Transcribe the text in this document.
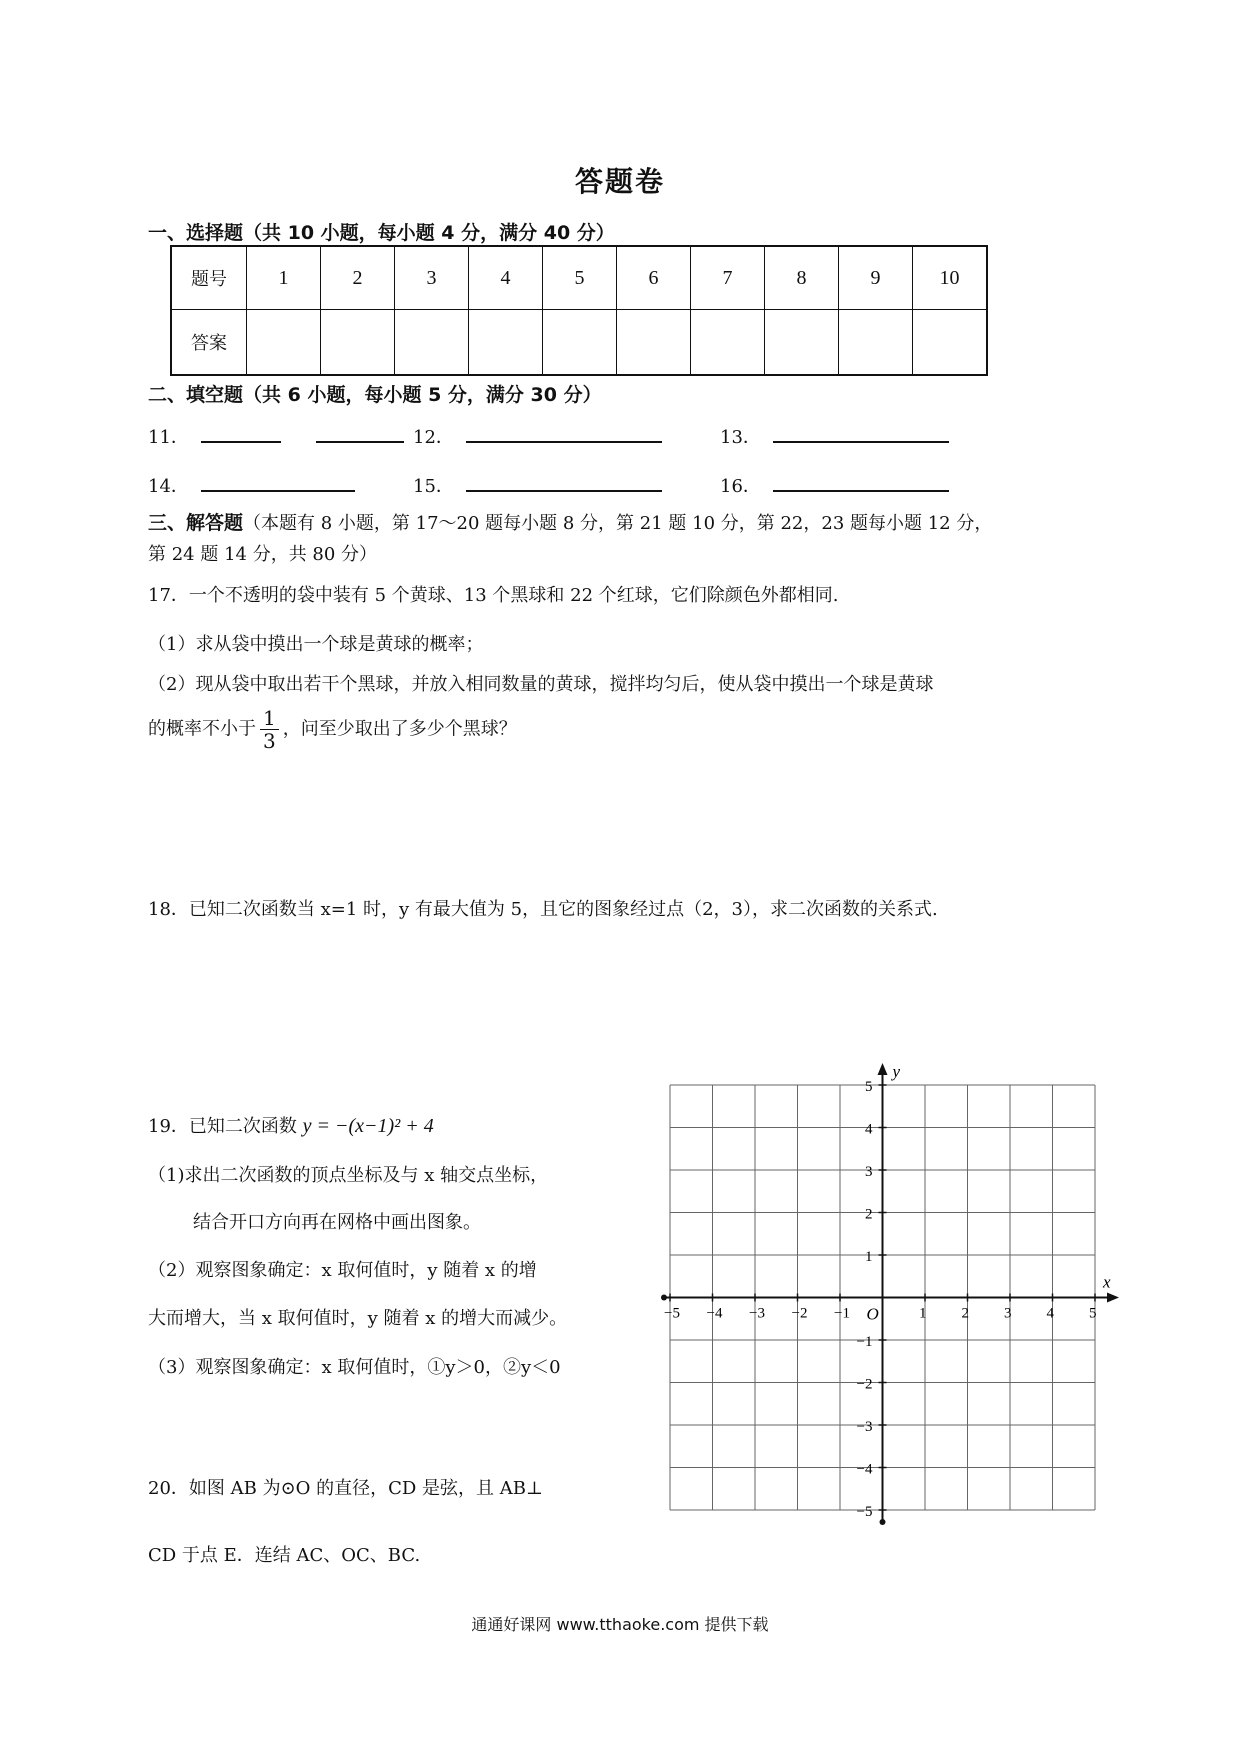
答题卷
一、选择题（共 10 小题，每小题 4 分，满分 40 分）
题号	1	2	3	4	5	6	7	8	9	10
答案										
二、填空题（共 6 小题，每小题 5 分，满分 30 分）
11．	12．	13．
14．	15．	16．
三、解答题（本题有 8 小题，第 17～20 题每小题 8 分，第 21 题 10 分，第 22，23 题每小题 12 分，
第 24 题 14 分，共 80 分）
17．一个不透明的袋中装有 5 个黄球、13 个黑球和 22 个红球，它们除颜色外都相同.
（1）求从袋中摸出一个球是黄球的概率；
（2）现从袋中取出若干个黑球，并放入相同数量的黄球，搅拌均匀后，使从袋中摸出一个球是黄球
的概率不小于 $\frac{1}{3}$ ，问至少取出了多少个黑球？
18．已知二次函数当 x=1 时，y 有最大值为 5，且它的图象经过点（2，3），求二次函数的关系式.
19．已知二次函数 y = −(x−1)² + 4
（1)求出二次函数的顶点坐标及与 x 轴交点坐标，
结合开口方向再在网格中画出图象。
（2）观察图象确定：x 取何值时，y 随着 x 的增
大而增大，当 x 取何值时，y 随着 x 的增大而减少。
（3）观察图象确定：x 取何值时，①y＞0，②y＜0
20．如图 AB 为⊙O 的直径，CD 是弦，且 AB⊥
CD 于点 E．连结 AC、OC、BC.
−5 −4 −3 −2 −1	1 2 3 4 5
5
4
3
2
1
−1
−2
−3
−4
−5
x
y
O
通通好课网 www.tthaoke.com 提供下载
